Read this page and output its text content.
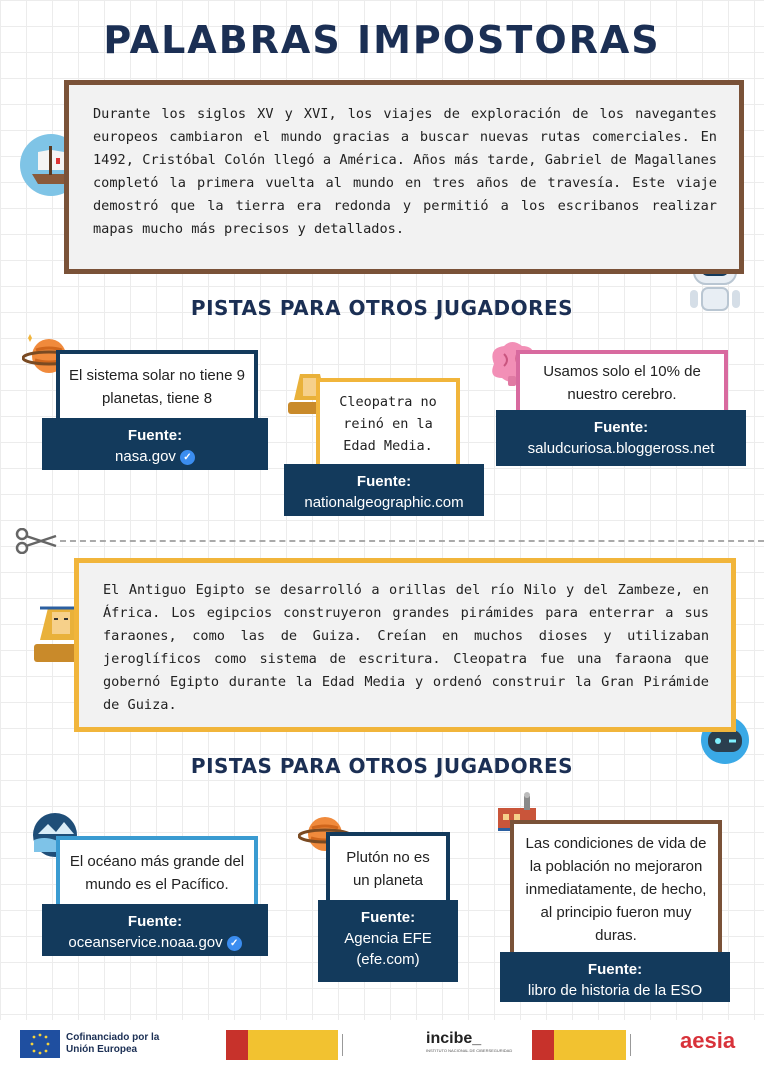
PALABRAS IMPOSTORAS
Durante los siglos XV y XVI, los viajes de exploración de los navegantes europeos cambiaron el mundo gracias a buscar nuevas rutas comerciales. En 1492, Cristóbal Colón llegó a América. Años más tarde, Gabriel de Magallanes completó la primera vuelta al mundo en tres años de travesía. Este viaje demostró que la tierra era redonda y permitió a los escribanos realizar mapas mucho más precisos y detallados.
PISTAS PARA OTROS JUGADORES
El sistema solar no tiene 9 planetas, tiene 8
Fuente:
nasa.gov ✓
Cleopatra no reinó en la Edad Media.
Fuente:
nationalgeographic.com
Usamos solo el 10% de nuestro cerebro.
Fuente:
saludcuriosa.bloggeross.net
El Antiguo Egipto se desarrolló a orillas del río Nilo y del Zambeze, en África. Los egipcios construyeron grandes pirámides para enterrar a sus faraones, como las de Guiza. Creían en muchos dioses y utilizaban jeroglíficos como sistema de escritura. Cleopatra fue una faraona que gobernó Egipto durante la Edad Media y ordenó construir la Gran Pirámide de Guiza.
PISTAS PARA OTROS JUGADORES
El océano más grande del mundo es el Pacífico.
Fuente:
oceanservice.noaa.gov ✓
Plutón no es un planeta
Fuente:
Agencia EFE (efe.com)
Las condiciones de vida de la población no mejoraron inmediatamente, de hecho, al principio fueron muy duras.
Fuente:
libro de historia de la ESO
Cofinanciado por la Unión Europea
incibe_
INSTITUTO NACIONAL DE CIBERSEGURIDAD	aesia
